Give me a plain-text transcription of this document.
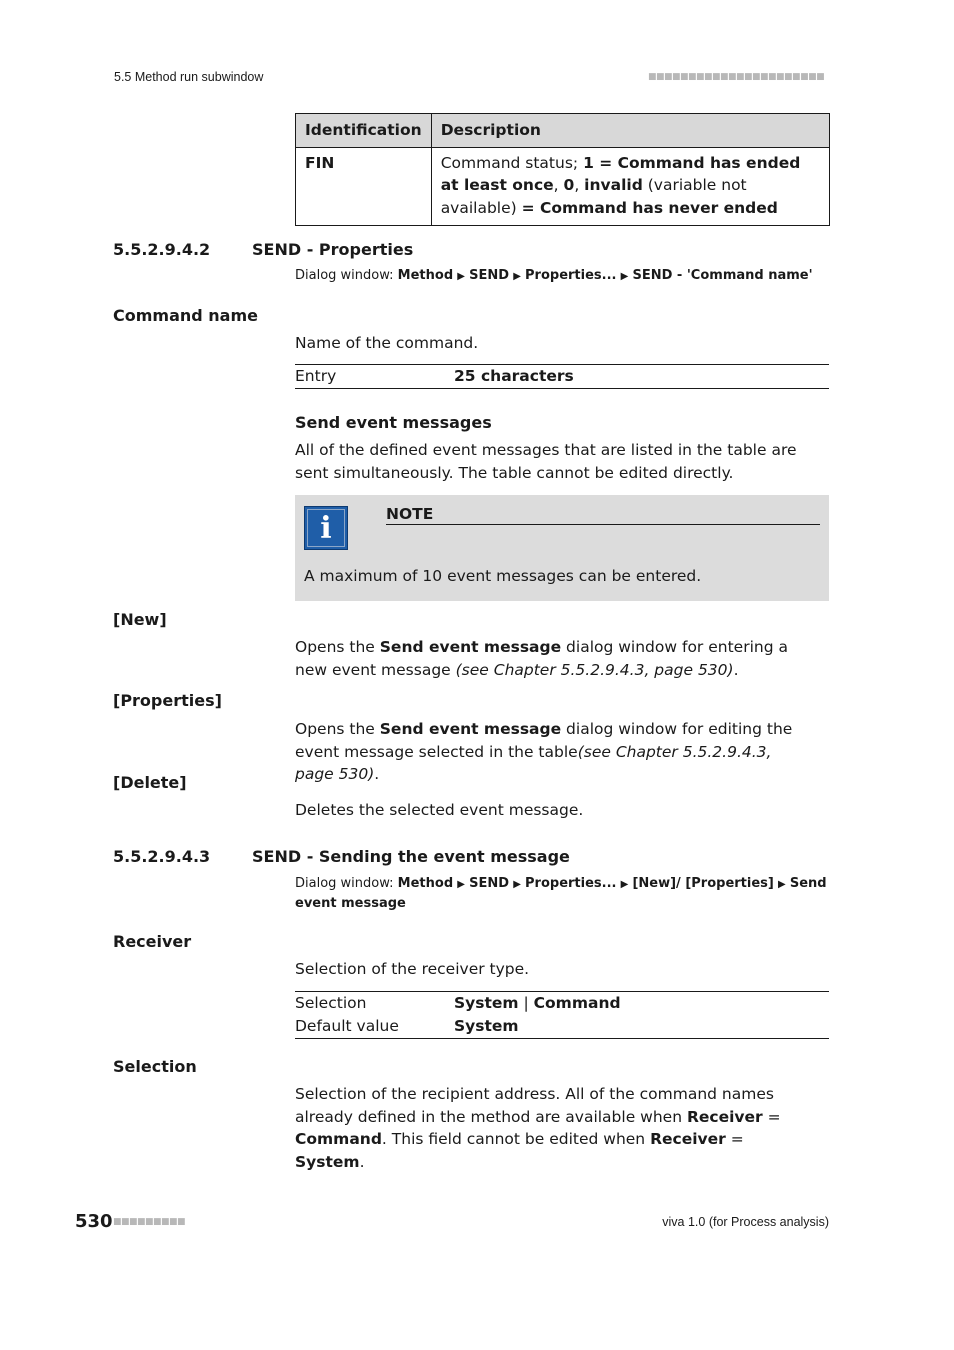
5.5 Method run subwindow	■■■■■■■■■■■■■■■■■■■■■■
Identification	Description
FIN	Command status; 1 = Command has ended at least once, 0, invalid (variable not available) = Command has never ended
5.5.2.9.4.2	SEND - Properties
Dialog window: Method ▶ SEND ▶ Properties... ▶ SEND - 'Command name'
Command name
Name of the command.
Entry	25 characters
Send event messages
All of the defined event messages that are listed in the table are sent simultaneously. The table cannot be edited directly.
i	NOTE
A maximum of 10 event messages can be entered.
[New]
Opens the Send event message dialog window for entering a new event message (see Chapter 5.5.2.9.4.3, page 530).
[Properties]
Opens the Send event message dialog window for editing the event message selected in the table(see Chapter 5.5.2.9.4.3, page 530).
[Delete]
Deletes the selected event message.
5.5.2.9.4.3	SEND - Sending the event message
Dialog window: Method ▶ SEND ▶ Properties... ▶ [New]/ [Properties] ▶ Send event message
Receiver
Selection of the receiver type.
Selection	System | Command
Default value	System
Selection
Selection of the recipient address. All of the command names already defined in the method are available when Receiver = Command. This field cannot be edited when Receiver = System.
530 ■■■■■■■■■	viva 1.0 (for Process analysis)
